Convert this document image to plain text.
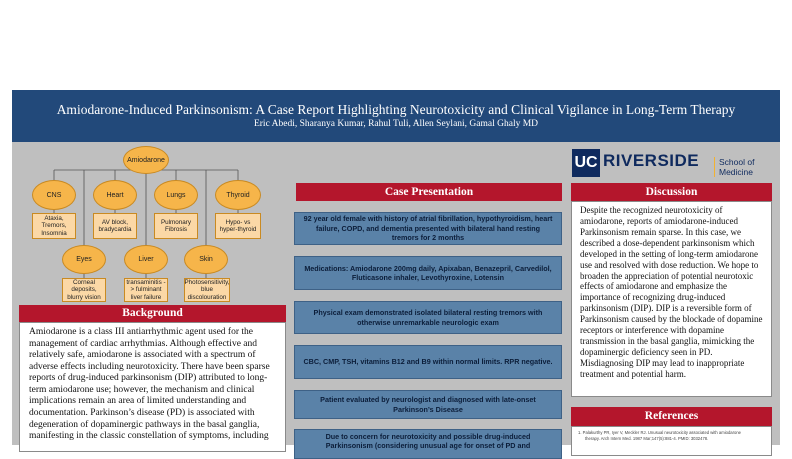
Amiodarone-Induced Parkinsonism: A Case Report Highlighting Neurotoxicity and Clinical Vigilance in Long-Term Therapy
Eric Abedi, Sharanya Kumar, Rahul Tuli, Allen Seylani, Gamal Ghaly MD
Amiodarone
CNS	Heart	Lungs	Thyroid
Ataxia, Tremors, Insomnia
AV block, bradycardia
Pulmonary Fibrosis
Hypo- vs hyper-thyroid
Eyes	Liver	Skin
Corneal deposits, blurry vision
transaminitis -> fulminant liver failure
Photosensitivity, blue discolouration
Background
Amiodarone is a class III antiarrhythmic agent used for the management of cardiac arrhythmias. Although effective and relatively safe, amiodarone is associated with a spectrum of adverse effects including neurotoxicity. There have been sparse reports of drug-induced parkinsonism (DIP) attributed to long-term amiodarone use; however, the mechanism and clinical implications remain an area of limited understanding and documentation. Parkinson’s disease (PD) is associated with degeneration of dopaminergic pathways in the basal ganglia, manifesting in the classic constellation of symptoms, including
Case Presentation
92 year old female with history of atrial fibrillation, hypothyroidism, heart failure, COPD, and dementia presented with bilateral hand resting tremors for 2 months
Medications: Amiodarone 200mg daily, Apixaban, Benazepril, Carvedilol, Fluticasone inhaler, Levothyroxine, Lotensin
Physical exam demonstrated isolated bilateral resting tremors with otherwise unremarkable neurologic exam
CBC, CMP, TSH, vitamins B12 and B9 within normal limits. RPR negative.
Patient evaluated by neurologist and diagnosed with late-onset Parkinson’s Disease
Due to concern for neurotoxicity and possible drug-induced Parkinsonism (considering unusual age for onset of PD and
UC RIVERSIDE	School of Medicine
Discussion
Despite the recognized neurotoxicity of amiodarone, reports of amiodarone-induced Parkinsonism remain sparse. In this case, we described a dose-dependent parkinsonism which developed in the setting of long-term amiodarone use and resolved with dose reduction. We hope to broaden the appreciation of potential neurotoxic effects of amiodarone and emphasize the importance of recognizing drug-induced parkinsonism (DIP). DIP is a reversible form of Parkinsonism caused by the blockade of dopamine receptors or interference with dopamine transmission in the basal ganglia, mimicking the dopaminergic deficiency seen in PD. Misdiagnosing DIP may lead to inappropriate treatment and potential harm.
References
1. Palakurthy PR, Iyer V, Meckler RJ. Unusual neurotoxicity associated with amiodarone
therapy. Arch Intern Med. 1987 Mar;147(5):881-4. PMID: 3032478.
